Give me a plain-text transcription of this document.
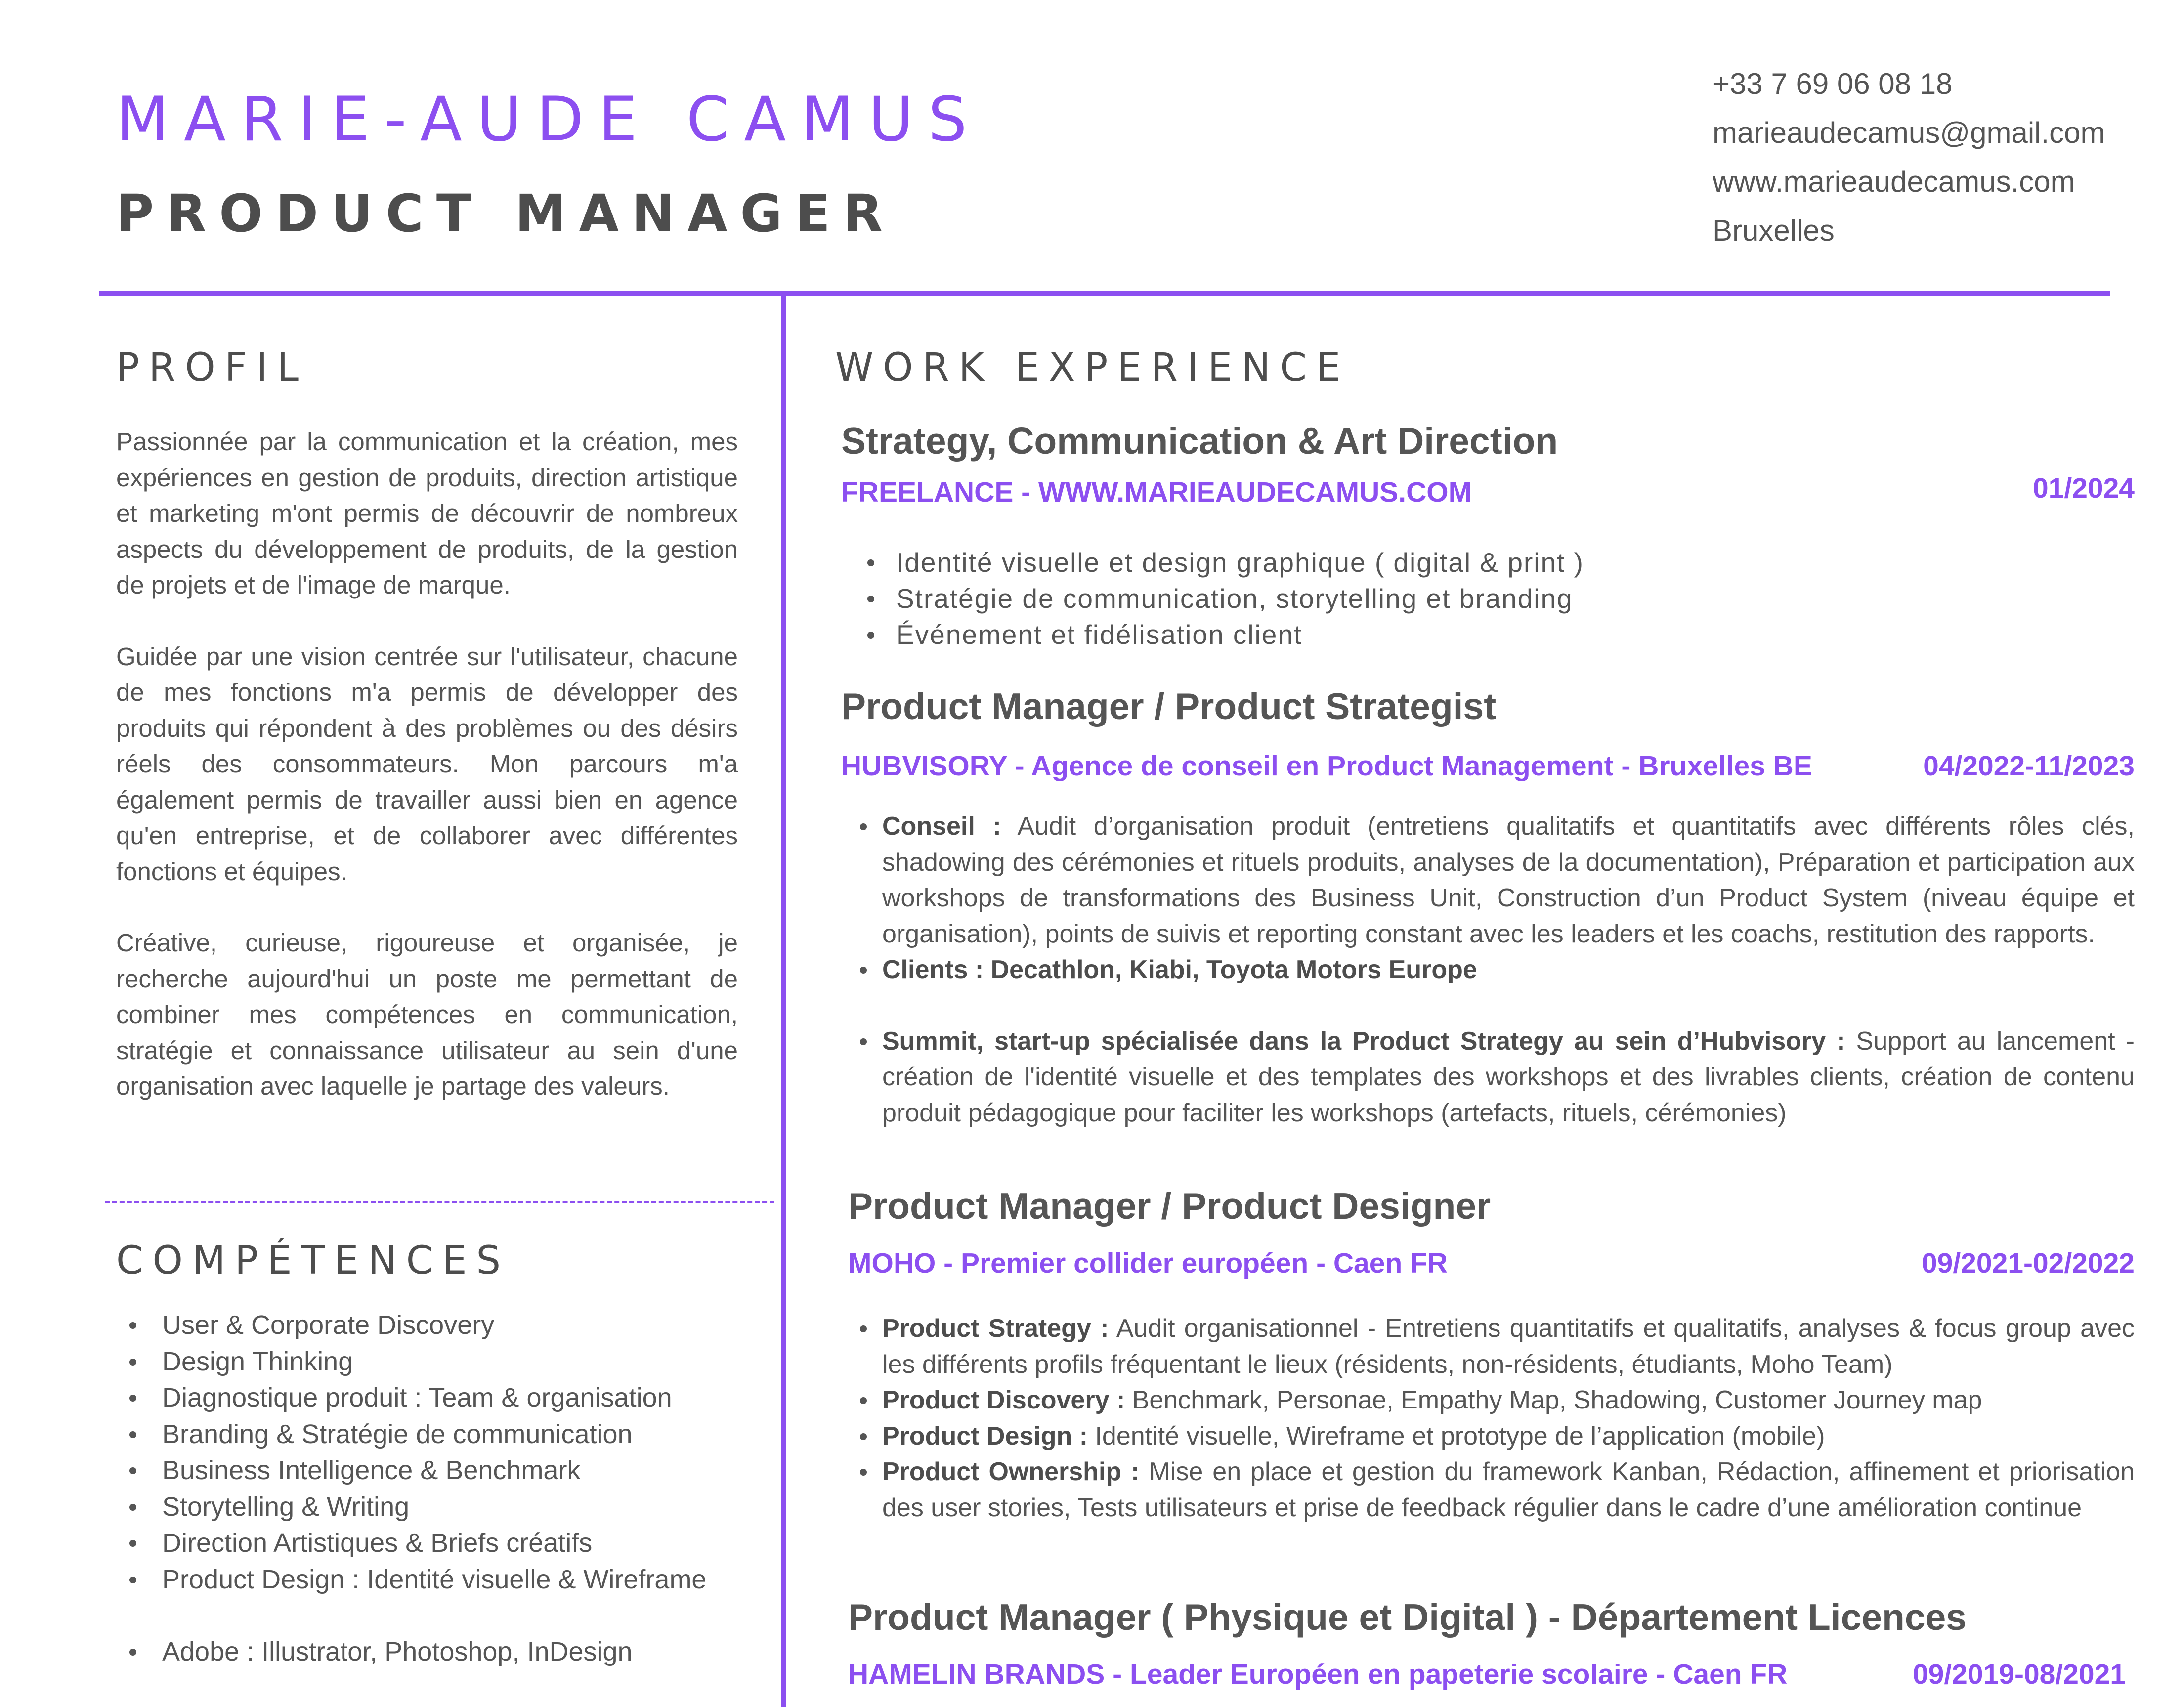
MARIE-AUDE CAMUS
PRODUCT MANAGER
+33 7 69 06 08 18
marieaudecamus@gmail.com
www.marieaudecamus.com
Bruxelles
PROFIL

Passionnée par la communication et la création, mes expériences en gestion de produits, direction artistique et marketing m'ont permis de découvrir de nombreux aspects du développement de produits, de la gestion de projets et de l'image de marque.

Guidée par une vision centrée sur l'utilisateur, chacune de mes fonctions m'a permis de développer des produits qui répondent à des problèmes ou des désirs réels des consommateurs. Mon parcours m'a également permis de travailler aussi bien en agence qu'en entreprise, et de collaborer avec différentes fonctions et équipes.

Créative, curieuse, rigoureuse et organisée, je recherche aujourd'hui un poste me permettant de combiner mes compétences en communication, stratégie et connaissance utilisateur au sein d'une organisation avec laquelle je partage des valeurs.

COMPÉTENCES
User & Corporate Discovery
Design Thinking
Diagnostique produit : Team & organisation
Branding & Stratégie de communication
Business Intelligence & Benchmark
Storytelling & Writing
Direction Artistiques & Briefs créatifs
Product Design : Identité visuelle & Wireframe
Adobe : Illustrator, Photoshop, InDesign
WORK EXPERIENCE
Strategy, Communication & Art Direction
FREELANCE - WWW.MARIEAUDECAMUS.COM	01/2024
Identité visuelle et design graphique ( digital & print )
Stratégie de communication, storytelling et branding
Événement et fidélisation client
Product Manager / Product Strategist
HUBVISORY - Agence de conseil en Product Management - Bruxelles BE	04/2022-11/2023
Conseil : Audit d’organisation produit (entretiens qualitatifs et quantitatifs avec différents rôles clés, shadowing des cérémonies et rituels produits, analyses de la documentation), Préparation et participation aux workshops de transformations des Business Unit, Construction d’un Product System (niveau équipe et organisation), points de suivis et reporting constant avec les leaders et les coachs, restitution des rapports.
Clients : Decathlon, Kiabi, Toyota Motors Europe
Summit, start-up spécialisée dans la Product Strategy au sein d’Hubvisory : Support au lancement - création de l'identité visuelle et des templates des workshops et des livrables clients, création de contenu produit pédagogique pour faciliter les workshops (artefacts, rituels, cérémonies)
Product Manager / Product Designer
MOHO - Premier collider européen - Caen FR	09/2021-02/2022
Product Strategy : Audit organisationnel - Entretiens quantitatifs et qualitatifs, analyses & focus group avec les différents profils fréquentant le lieux (résidents, non-résidents, étudiants, Moho Team)
Product Discovery : Benchmark, Personae, Empathy Map, Shadowing, Customer Journey map
Product Design : Identité visuelle, Wireframe et prototype de l’application (mobile)
Product Ownership : Mise en place et gestion du framework Kanban, Rédaction, affinement et priorisation des user stories, Tests utilisateurs et prise de feedback régulier dans le cadre d’une amélioration continue
Product Manager ( Physique et Digital ) - Département Licences
HAMELIN BRANDS - Leader Européen en papeterie scolaire - Caen FR	09/2019-08/2021
